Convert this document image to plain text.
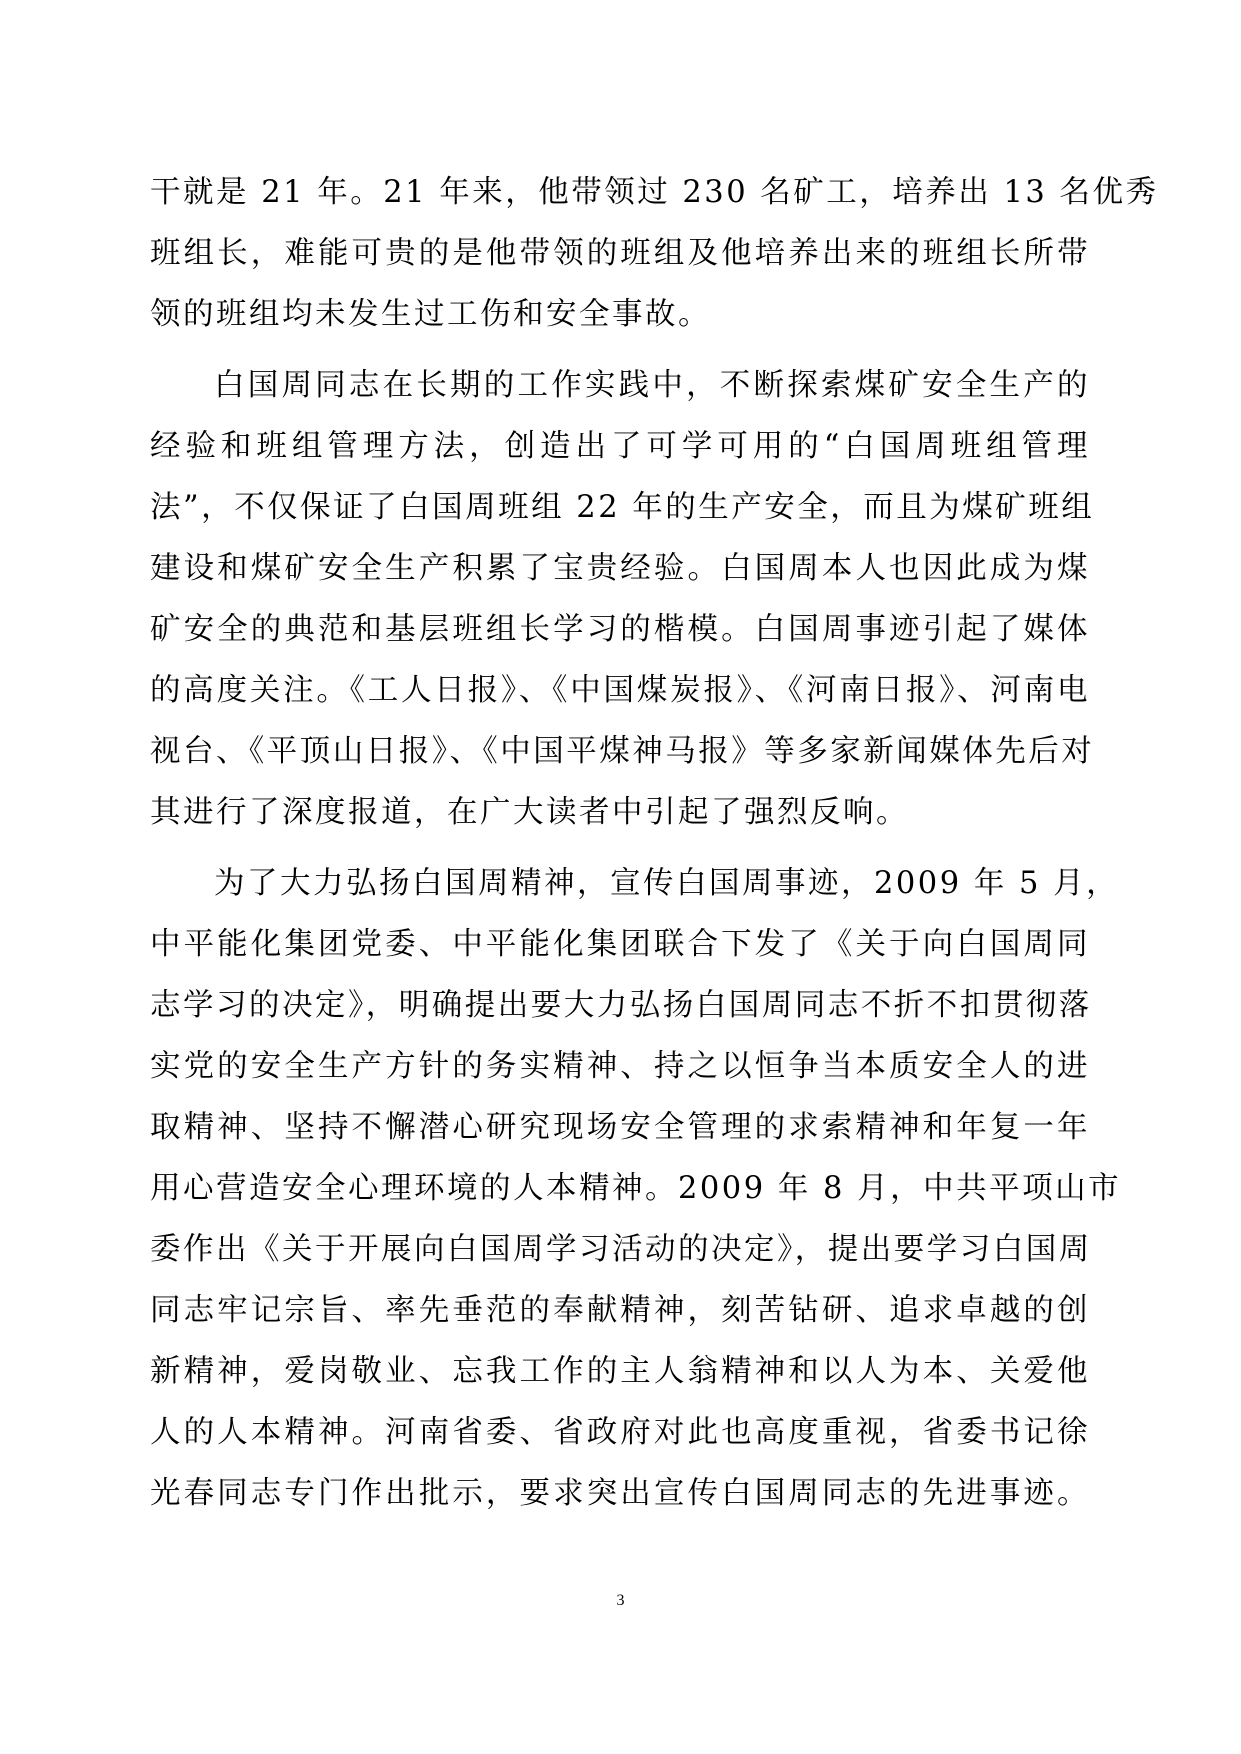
干就是 21 年。21 年来，他带领过 230 名矿工，培养出 13 名优秀
班组长，难能可贵的是他带领的班组及他培养出来的班组长所带
领的班组均未发生过工伤和安全事故。
白国周同志在长期的工作实践中，不断探索煤矿安全生产的
经验和班组管理方法，创造出了可学可用的“白国周班组管理
法”，不仅保证了白国周班组 22 年的生产安全，而且为煤矿班组
建设和煤矿安全生产积累了宝贵经验。白国周本人也因此成为煤
矿安全的典范和基层班组长学习的楷模。白国周事迹引起了媒体
的高度关注。《工人日报》、《中国煤炭报》、《河南日报》、河南电
视台、《平顶山日报》、《中国平煤神马报》等多家新闻媒体先后对
其进行了深度报道，在广大读者中引起了强烈反响。
为了大力弘扬白国周精神，宣传白国周事迹，2009 年 5 月，
中平能化集团党委、中平能化集团联合下发了《关于向白国周同
志学习的决定》，明确提出要大力弘扬白国周同志不折不扣贯彻落
实党的安全生产方针的务实精神、持之以恒争当本质安全人的进
取精神、坚持不懈潜心研究现场安全管理的求索精神和年复一年
用心营造安全心理环境的人本精神。2009 年 8 月，中共平项山市
委作出《关于开展向白国周学习活动的决定》，提出要学习白国周
同志牢记宗旨、率先垂范的奉献精神，刻苦钻研、追求卓越的创
新精神，爱岗敬业、忘我工作的主人翁精神和以人为本、关爱他
人的人本精神。河南省委、省政府对此也高度重视，省委书记徐
光春同志专门作出批示，要求突出宣传白国周同志的先进事迹。
3
